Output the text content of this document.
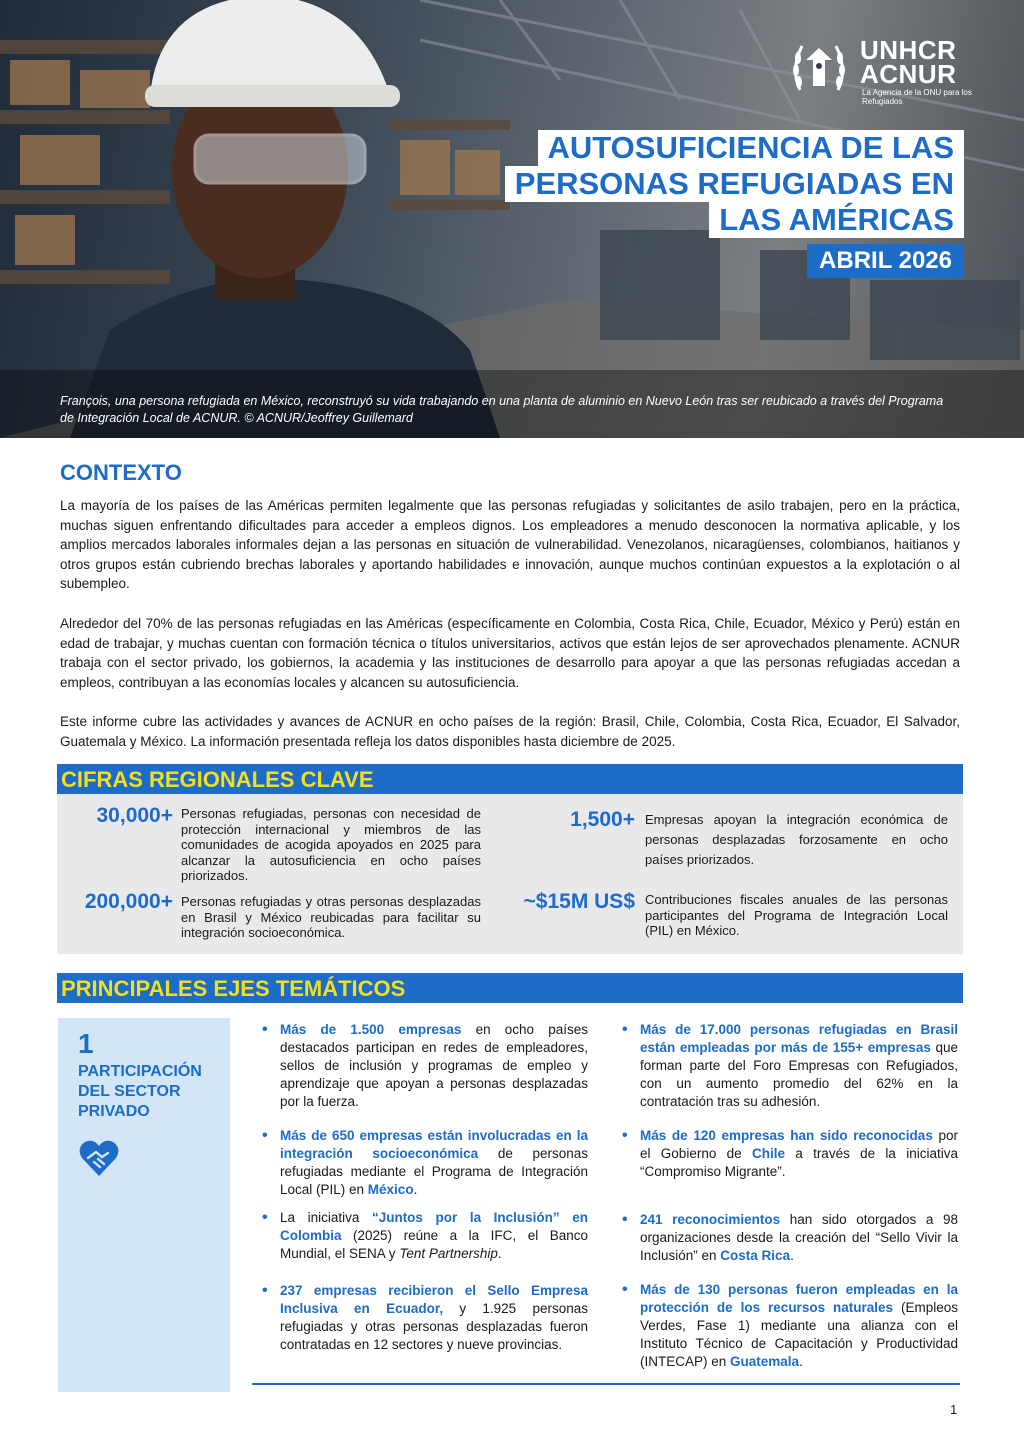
UNHCR
ACNUR
La Agencia de la ONU para los Refugiados
AUTOSUFICIENCIA DE LAS
PERSONAS REFUGIADAS EN
LAS AMÉRICAS
ABRIL 2026
François, una persona refugiada en México, reconstruyó su vida trabajando en una planta de aluminio en Nuevo León tras ser reubicado a través del Programa de Integración Local de ACNUR. © ACNUR/Jeoffrey Guillemard
CONTEXTO

La mayoría de los países de las Américas permiten legalmente que las personas refugiadas y solicitantes de asilo trabajen, pero en la práctica, muchas siguen enfrentando dificultades para acceder a empleos dignos. Los empleadores a menudo desconocen la normativa aplicable, y los amplios mercados laborales informales dejan a las personas en situación de vulnerabilidad. Venezolanos, nicaragüenses, colombianos, haitianos y otros grupos están cubriendo brechas laborales y aportando habilidades e innovación, aunque muchos continúan expuestos a la explotación o al subempleo.

Alrededor del 70% de las personas refugiadas en las Américas (específicamente en Colombia, Costa Rica, Chile, Ecuador, México y Perú) están en edad de trabajar, y muchas cuentan con formación técnica o títulos universitarios, activos que están lejos de ser aprovechados plenamente. ACNUR trabaja con el sector privado, los gobiernos, la academia y las instituciones de desarrollo para apoyar a que las personas refugiadas accedan a empleos, contribuyan a las economías locales y alcancen su autosuficiencia.

Este informe cubre las actividades y avances de ACNUR en ocho países de la región: Brasil, Chile, Colombia, Costa Rica, Ecuador, El Salvador, Guatemala y México. La información presentada refleja los datos disponibles hasta diciembre de 2025.

CIFRAS REGIONALES CLAVE
30,000+ Personas refugiadas, personas con necesidad de protección internacional y miembros de las comunidades de acogida apoyados en 2025 para alcanzar la autosuficiencia en ocho países priorizados.

200,000+ Personas refugiadas y otras personas desplazadas en Brasil y México reubicadas para facilitar su integración socioeconómica.

1,500+ Empresas apoyan la integración económica de personas desplazadas forzosamente en ocho países priorizados.

~$15M US$ Contribuciones fiscales anuales de las personas participantes del Programa de Integración Local (PIL) en México.

PRINCIPALES EJES TEMÁTICOS
1
PARTICIPACIÓN DEL SECTOR PRIVADO

• Más de 1.500 empresas en ocho países destacados participan en redes de empleadores, sellos de inclusión y programas de empleo y aprendizaje que apoyan a personas desplazadas por la fuerza.

• Más de 650 empresas están involucradas en la integración socioeconómica de personas refugiadas mediante el Programa de Integración Local (PIL) en México.

• La iniciativa “Juntos por la Inclusión” en Colombia (2025) reúne a la IFC, el Banco Mundial, el SENA y Tent Partnership.

• 237 empresas recibieron el Sello Empresa Inclusiva en Ecuador, y 1.925 personas refugiadas y otras personas desplazadas fueron contratadas en 12 sectores y nueve provincias.

• Más de 17.000 personas refugiadas en Brasil están empleadas por más de 155+ empresas que forman parte del Foro Empresas con Refugiados, con un aumento promedio del 62% en la contratación tras su adhesión.

• Más de 120 empresas han sido reconocidas por el Gobierno de Chile a través de la iniciativa “Compromiso Migrante”.

• 241 reconocimientos han sido otorgados a 98 organizaciones desde la creación del “Sello Vivir la Inclusión” en Costa Rica.

• Más de 130 personas fueron empleadas en la protección de los recursos naturales (Empleos Verdes, Fase 1) mediante una alianza con el Instituto Técnico de Capacitación y Productividad (INTECAP) en Guatemala.

1
